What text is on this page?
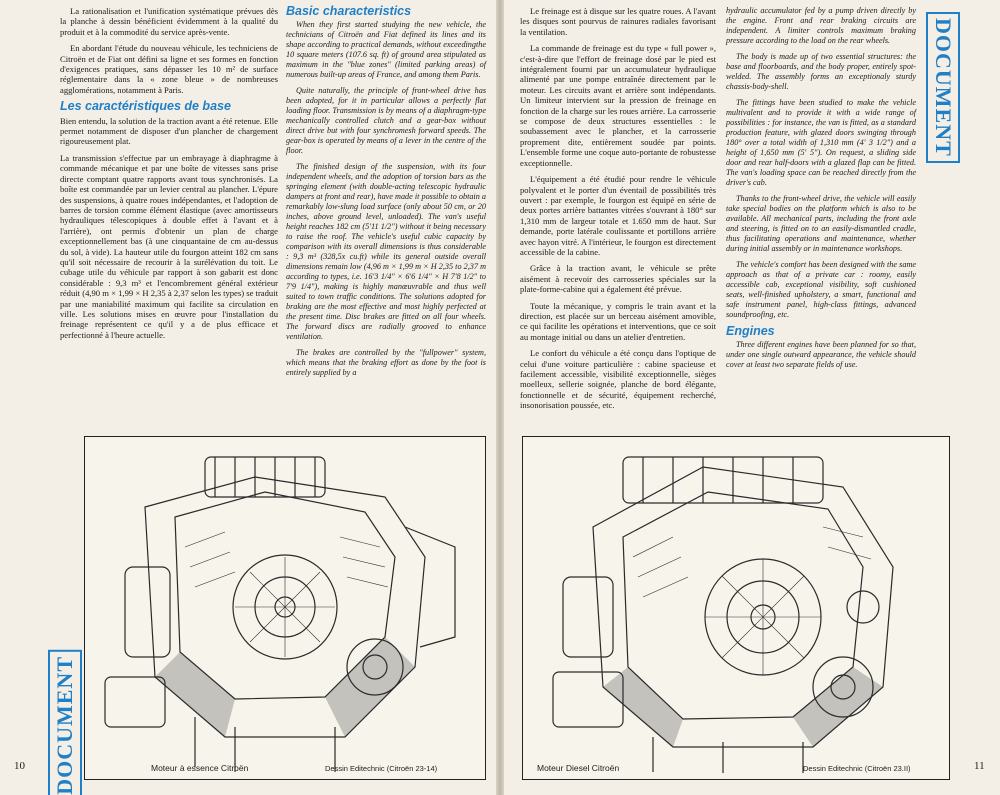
La rationalisation et l'unification systématique prévues dès la planche à dessin bénéficient évidemment à la qualité du produit et à la commodité du service après-vente.

En abordant l'étude du nouveau véhicule, les techniciens de Citroën et de Fiat ont défini sa ligne et ses formes en fonction d'exigences pratiques, sans dépasser les 10 m² de surface réglementaire dans la « zone bleue » de nombreuses agglomérations, notamment à Paris.

Les caractéristiques de base

Bien entendu, la solution de la traction avant a été retenue. Elle permet notamment de disposer d'un plancher de chargement rigoureusement plat.

La transmission s'effectue par un embrayage à diaphragme à commande mécanique et par une boîte de vitesses sans prise directe comptant quatre rapports avant tous synchronisés. La boîte est commandée par un levier central au plancher. L'épure des suspensions, à quatre roues indépendantes, et l'adoption de barres de torsion comme élément élastique (avec amortisseurs hydrauliques télescopiques à double effet à l'avant et à l'arrière), ont permis d'obtenir un plan de charge exceptionnellement bas (à une cinquantaine de cm au-dessus du sol, à vide). La hauteur utile du fourgon atteint 182 cm sans qu'il soit nécessaire de recourir à la surélévation du toit. Le cubage utile du véhicule par rapport à son gabarit est donc considérable : 9,3 m³ et l'encombrement général extérieur réduit (4,90 m × 1,99 × H 2,35 à 2,37 selon les types) se traduit par une maniabilité maximum qui facilite sa circulation en ville. Les solutions mises en œuvre pour l'installation du freinage représentent ce qu'il y a de plus efficace et perfectionné à l'heure actuelle.

Basic characteristics

When they first started studying the new vehicle, the technicians of Citroën and Fiat defined its lines and its shape according to practical demands, without exceedingthe 10 square meters (107.6 sq. ft) of ground area stipulated as maximum in the "blue zones" (limited parking areas) of numerous built-up areas of France, and among them Paris.

Quite naturally, the principle of front-wheel drive has been adopted, for it in particular allows a perfectly flat loading floor. Transmission is by means of a diaphragm-type mechanically controlled clutch and a gear-box without direct drive but with four synchromesh forward speeds. The gear-box is operated by means of a lever in the centre of the floor.

The finished design of the suspension, with its four independent wheels, and the adoption of torsion bars as the springing element (with double-acting telescopic hydraulic dampers at front and rear), have made it possible to obtain a remarkably low-slung load surface (only about 50 cm, or 20 inches, above ground level, unloaded). The van's useful height reaches 182 cm (5'11 1/2") without it being necessary to raise the roof. The vehicle's useful cubic capacity by comparison with its overall dimensions is thus considerable : 9,3 m³ (328,5x cu.ft) while its general outside overall dimensions remain low (4,96 m × 1,99 m × H 2,35 to 2,37 m according to types, i.e. 16'3 1/4" × 6'6 1/4" × H 7'8 1/2" to 7'9 1/4"), making is highly manœuvrable and thus well suited to town traffic conditions. The solutions adopted for braking are the most effective and most highly perfected at the present time. Disc brakes are fitted on all four wheels. The forward discs are radially grooved to enhance ventilation.

The brakes are controlled by the "fullpower" system, which means that the braking effort as done by the foot is entirely supplied by a

Moteur à essence Citroën	Dessin Editechnic (Citroën 23-14)
DOCUMENT
10

Le freinage est à disque sur les quatre roues. A l'avant les disques sont pourvus de rainures radiales favorisant la ventilation.

La commande de freinage est du type « full power », c'est-à-dire que l'effort de freinage dosé par le pied est intégralement fourni par un accumulateur hydraulique alimenté par une pompe entraînée directement par le moteur. Les circuits avant et arrière sont indépendants. Un limiteur intervient sur la pression de freinage en fonction de la charge sur les roues arrière. La carrosserie se compose de deux structures essentielles : le soubassement avec le plancher, et la carrosserie proprement dite, entièrement soudée par points. L'ensemble forme une coque auto-portante de robustesse exceptionnelle.

L'équipement a été étudié pour rendre le véhicule polyvalent et le porter d'un éventail de possibilités très ouvert : par exemple, le fourgon est équipé en série de deux portes arrière battantes vitrées s'ouvrant à 180° sur 1,310 mm de largeur totale et 1.650 mm de haut. Sur demande, porte latérale coulissante et portillons arrière avec hayon vitré. A l'intérieur, le fourgon est directement accessible de la cabine.

Grâce à la traction avant, le véhicule se prête aisément à recevoir des carrosseries spéciales sur la plate-forme-cabine qui a également été prévue.

Toute la mécanique, y compris le train avant et la direction, est placée sur un berceau aisément amovible, ce qui facilite les opérations et interventions, que ce soit au montage initial ou dans un atelier d'entretien.

Le confort du véhicule a été conçu dans l'optique de celui d'une voiture particulière : cabine spacieuse et facilement accessible, visibilité exceptionnelle, sièges moelleux, sellerie soignée, planche de bord élégante, fonctionnelle et de sécurité, équipement recherché, insonorisation poussée, etc.

hydraulic accumulator fed by a pump driven directly by the engine. Front and rear braking circuits are independent. A limiter controls maximum braking pressure according to the load on the rear wheels.

The body is made up of two essential structures: the base and floorboards, and the body proper, entirely spot-welded. The assembly forms an exceptionaly sturdy chassis-body-shell.

The fittings have been studied to make the vehicle multivalent and to provide it with a wide range of possibilities : for instance, the van is fitted, as a standard production feature, with glazed doors swinging through 180° over a total width of 1,310 mm (4' 3 1/2") and a height of 1,650 mm (5' 5"). On request, a sliding side door and rear half-doors with a glazed flap can be fitted. The van's loading space can be reached directly from the driver's cab.

Thanks to the front-wheel drive, the vehicle will easily take special bodies on the platform which is also to be available. All mechanical parts, including the front axle and steering, is fitted on to an easily-dismantled cradle, thus facilitating operations and maintenance, whether during initial assembly or in maintenance workshops.

The vehicle's comfort has been designed with the same approach as that of a private car : roomy, easily accessible cab, exceptional visibility, soft cushioned seats, well-finished upholstery, a smart, functional and safe instrument panel, high-class fittings, advanced soundproofing, etc.

Engines

Three different engines have been planned for so that, under one single outward appearance, the vehicle should cover at least two separate fields of use.

DOCUMENT
Moteur Diesel Citroën	Dessin Editechnic (Citroën 23.II)	11
